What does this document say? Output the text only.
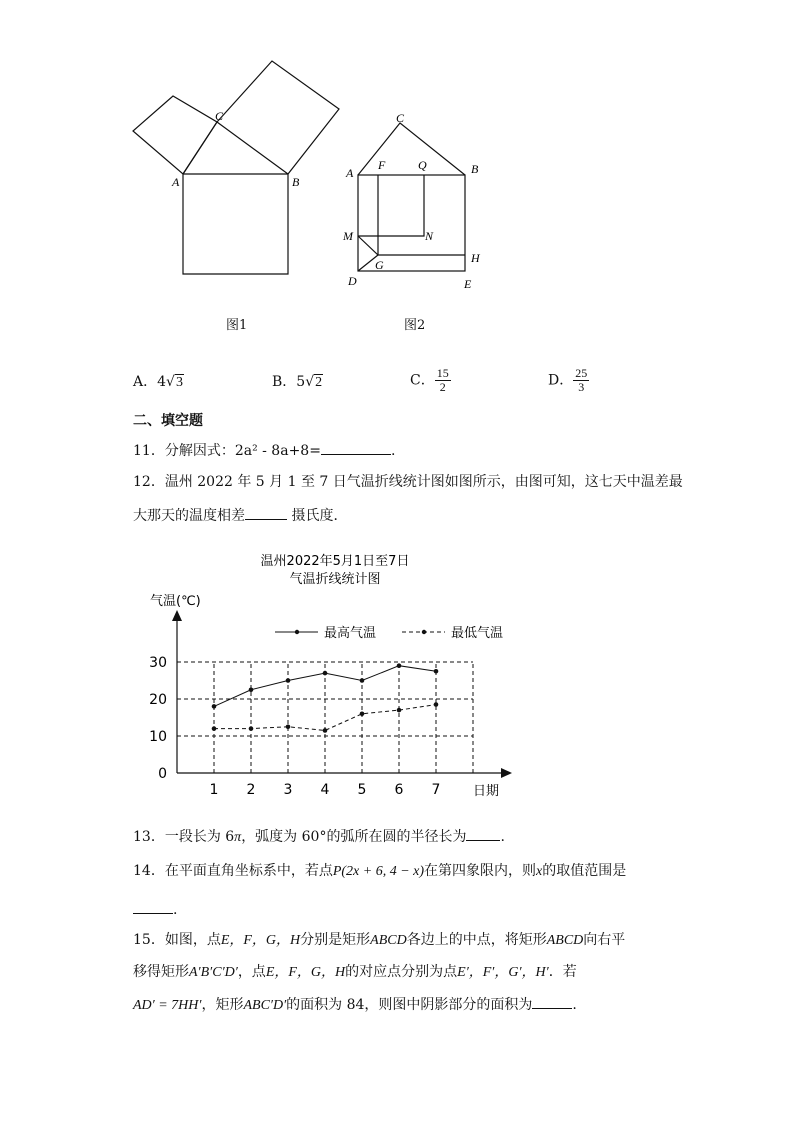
A	B
C
图1
A	B
C
D	E
F
G	H
M	N
Q
图2
A．4√3	B．5√2	C． $\frac{15}{2}$	D． $\frac{25}{3}$
二、填空题
11．分解因式：2a² - 8a+8=	.
12．温州 2022 年 5 月 1 至 7 日气温折线统计图如图所示，由图可知，这七天中温差最
大那天的温度相差	摄氏度．
温州2022年5月1日至7日
气温折线统计图
气温(℃)
日期
0
10
20
30
1 2 3 4 5 6 7
最高气温	最低气温
13．一段长为 6π，弧度为 60°的弧所在圆的半径长为 .
14．在平面直角坐标系中，若点P(2x + 6, 4 − x)在第四象限内，则x的取值范围是
.
15．如图，点E，F，G，H分别是矩形ABCD各边上的中点，将矩形ABCD向右平
移得矩形A′B′C′D′，点E，F，G，H的对应点分别为点E′，F′，G′，H′．若
AD′ = 7HH′，矩形ABC′D′的面积为 84，则图中阴影部分的面积为	.
